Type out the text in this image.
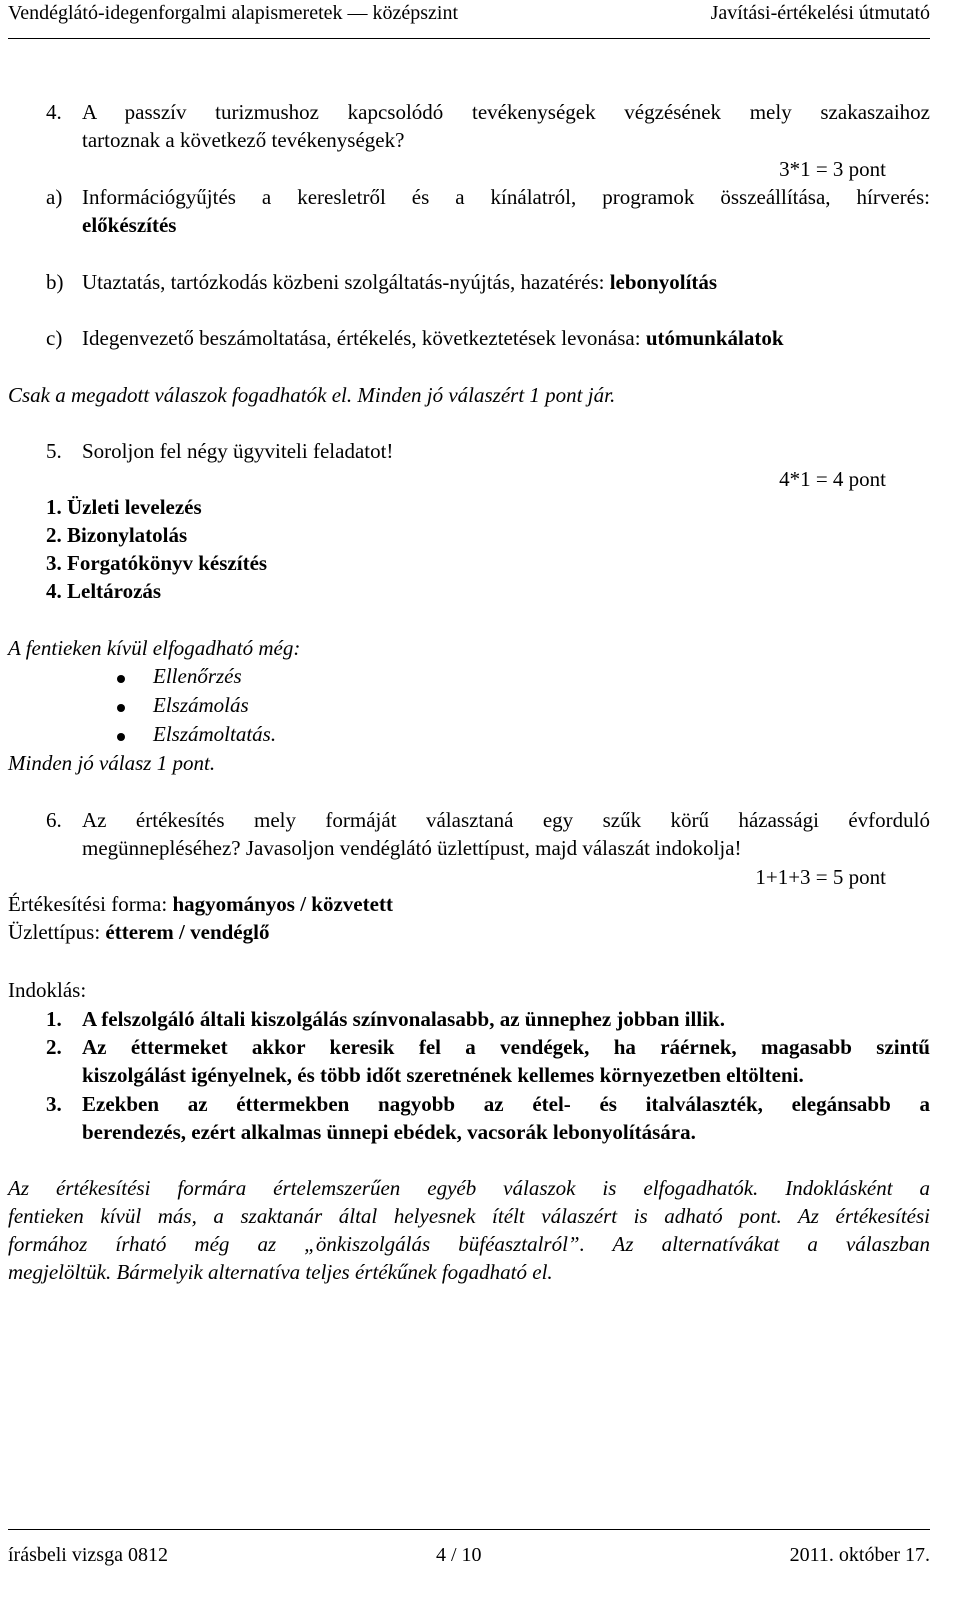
Vendéglátó-idegenforgalmi alapismeretek — középszint	Javítási-értékelési útmutató
4. A passzív turizmushoz kapcsolódó tevékenységek végzésének mely szakaszaihoz
tartoznak a következő tevékenységek?
3*1 = 3 pont
a) Információgyűjtés a keresletről és a kínálatról, programok összeállítása, hírverés:
előkészítés
b) Utaztatás, tartózkodás közbeni szolgáltatás-nyújtás, hazatérés: lebonyolítás
c) Idegenvezető beszámoltatása, értékelés, következtetések levonása: utómunkálatok
Csak a megadott válaszok fogadhatók el. Minden jó válaszért 1 pont jár.
5. Soroljon fel négy ügyviteli feladatot!
4*1 = 4 pont
1. Üzleti levelezés
2. Bizonylatolás
3. Forgatókönyv készítés
4. Leltározás
A fentieken kívül elfogadható még:
Ellenőrzés
Elszámolás
Elszámoltatás.
Minden jó válasz 1 pont.
6. Az értékesítés mely formáját választaná egy szűk körű házassági évforduló
megünnepléséhez? Javasoljon vendéglátó üzlettípust, majd válaszát indokolja!
1+1+3 = 5 pont
Értékesítési forma: hagyományos / közvetett
Üzlettípus: étterem / vendéglő
Indoklás:
1. A felszolgáló általi kiszolgálás színvonalasabb, az ünnephez jobban illik.
2. Az éttermeket akkor keresik fel a vendégek, ha ráérnek, magasabb szintű
kiszolgálást igényelnek, és több időt szeretnének kellemes környezetben eltölteni.
3. Ezekben az éttermekben nagyobb az étel- és italválaszték, elegánsabb a
berendezés, ezért alkalmas ünnepi ebédek, vacsorák lebonyolítására.
Az értékesítési formára értelemszerűen egyéb válaszok is elfogadhatók. Indoklásként a
fentieken kívül más, a szaktanár által helyesnek ítélt válaszért is adható pont. Az értékesítési
formához írható még az „önkiszolgálás büféasztalról”. Az alternatívákat a válaszban
megjelöltük. Bármelyik alternatíva teljes értékűnek fogadható el.
írásbeli vizsga 0812	4 / 10	2011. október 17.
